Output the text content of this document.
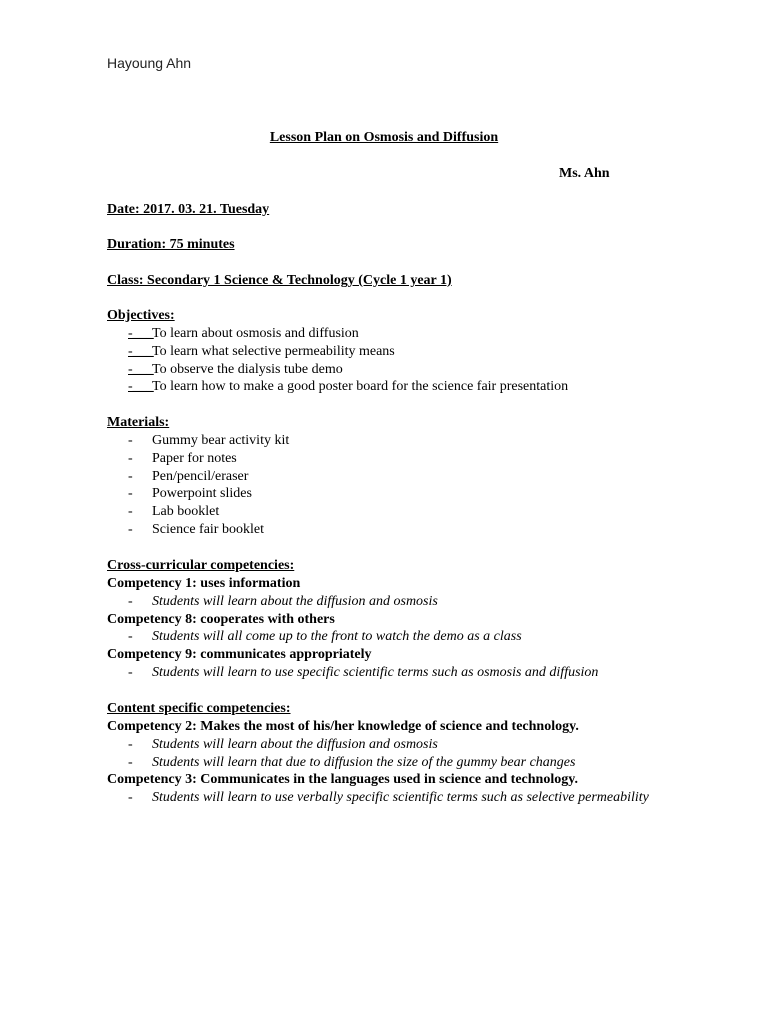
Hayoung Ahn
Lesson Plan on Osmosis and Diffusion
Ms. Ahn
Date: 2017. 03. 21. Tuesday
Duration: 75 minutes
Class: Secondary 1 Science & Technology (Cycle 1 year 1)
Objectives:
-___
To learn about osmosis and diffusion
-___
To learn what selective permeability means
-___
To observe the dialysis tube demo
-___
To learn how to make a good poster board for the science fair presentation
Materials:
-	Gummy bear activity kit
-	Paper for notes
-	Pen/pencil/eraser
-	Powerpoint slides
-	Lab booklet
-	Science fair booklet
Cross-curricular competencies:
Competency 1: uses information
-	Students will learn about the diffusion and osmosis
Competency 8: cooperates with others
-	Students will all come up to the front to watch the demo as a class
Competency 9: communicates appropriately
-	Students will learn to use specific scientific terms such as osmosis and diffusion
Content specific competencies:
Competency 2: Makes the most of his/her knowledge of science and technology.
-	Students will learn about the diffusion and osmosis
-	Students will learn that due to diffusion the size of the gummy bear changes
Competency 3: Communicates in the languages used in science and technology.
-	Students will learn to use verbally specific scientific terms such as selective permeability
